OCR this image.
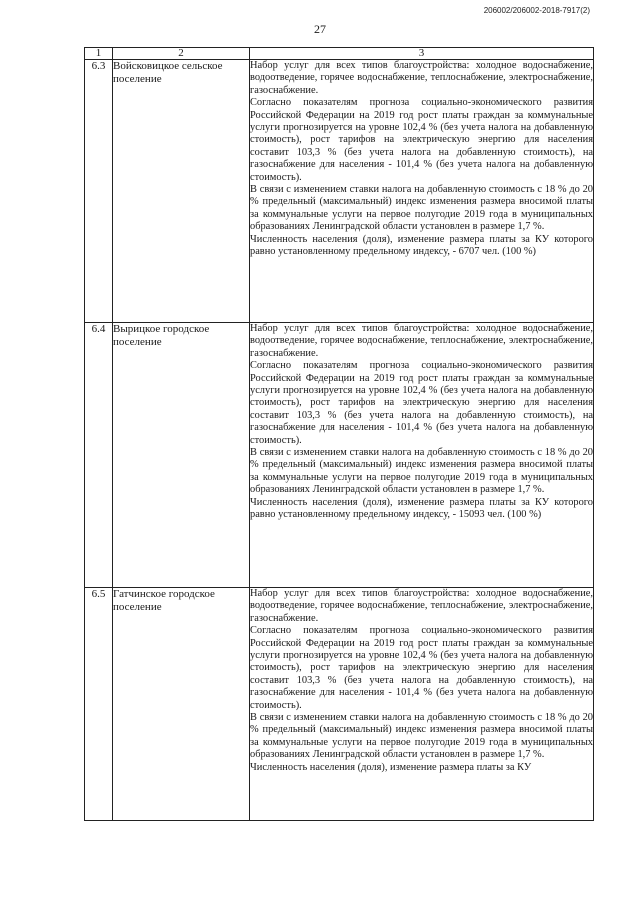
206002/206002-2018-7917(2)
27
1	2	3
6.3	Войсковицкое сельское поселение	Набор услуг для всех типов благоустройства: холодное водоснабжение, водоотведение, горячее водоснабжение, теплоснабжение, электроснабжение, газоснабжение.
Согласно показателям прогноза социально-экономического развития Российской Федерации на 2019 год рост платы граждан за коммунальные услуги прогнозируется на уровне 102,4 % (без учета налога на добавленную стоимость), рост тарифов на электрическую энергию для населения составит 103,3 % (без учета налога на добавленную стоимость), на газоснабжение для населения - 101,4 % (без учета налога на добавленную стоимость).
В связи с изменением ставки налога на добавленную стоимость с 18 % до 20 % предельный (максимальный) индекс изменения размера вносимой платы за коммунальные услуги на первое полугодие 2019 года в муниципальных образованиях Ленинградской области установлен в размере 1,7 %.
Численность населения (доля), изменение размера платы за КУ которого равно установленному предельному индексу, - 6707 чел. (100 %)

6.4	Вырицкое городское поселение	Набор услуг для всех типов благоустройства: холодное водоснабжение, водоотведение, горячее водоснабжение, теплоснабжение, электроснабжение, газоснабжение.
Согласно показателям прогноза социально-экономического развития Российской Федерации на 2019 год рост платы граждан за коммунальные услуги прогнозируется на уровне 102,4 % (без учета налога на добавленную стоимость), рост тарифов на электрическую энергию для населения составит 103,3 % (без учета налога на добавленную стоимость), на газоснабжение для населения - 101,4 % (без учета налога на добавленную стоимость).
В связи с изменением ставки налога на добавленную стоимость с 18 % до 20 % предельный (максимальный) индекс изменения размера вносимой платы за коммунальные услуги на первое полугодие 2019 года в муниципальных образованиях Ленинградской области установлен в размере 1,7 %.
Численность населения (доля), изменение размера платы за КУ которого равно установленному предельному индексу, - 15093 чел. (100 %)

6.5	Гатчинское городское поселение	Набор услуг для всех типов благоустройства: холодное водоснабжение, водоотведение, горячее водоснабжение, теплоснабжение, электроснабжение, газоснабжение.
Согласно показателям прогноза социально-экономического развития Российской Федерации на 2019 год рост платы граждан за коммунальные услуги прогнозируется на уровне 102,4 % (без учета налога на добавленную стоимость), рост тарифов на электрическую энергию для населения составит 103,3 % (без учета налога на добавленную стоимость), на газоснабжение для населения - 101,4 % (без учета налога на добавленную стоимость).
В связи с изменением ставки налога на добавленную стоимость с 18 % до 20 % предельный (максимальный) индекс изменения размера вносимой платы за коммунальные услуги на первое полугодие 2019 года в муниципальных образованиях Ленинградской области установлен в размере 1,7 %.
Численность населения (доля), изменение размера платы за КУ
